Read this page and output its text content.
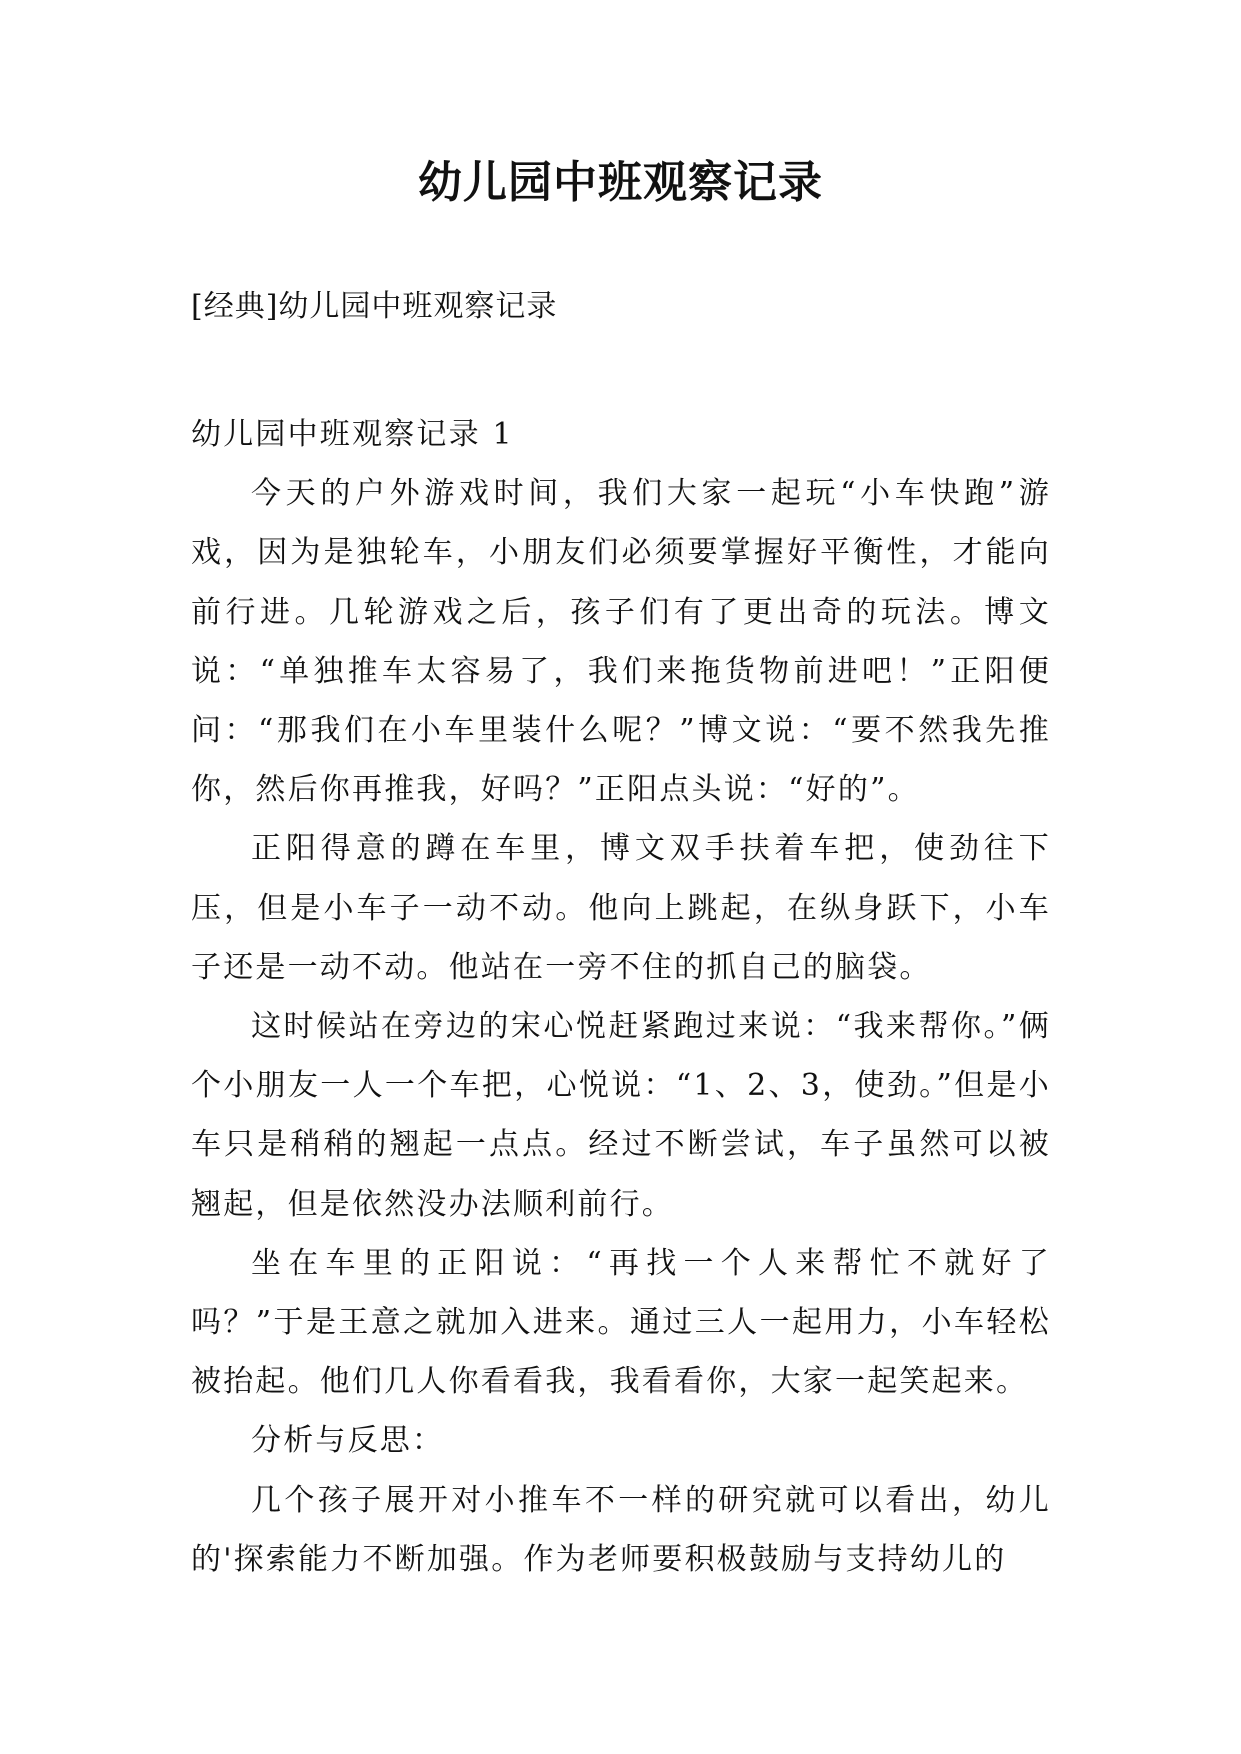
幼儿园中班观察记录

[经典]幼儿园中班观察记录

幼儿园中班观察记录 1

今天的户外游戏时间，我们大家一起玩“小车快跑”游戏，因为是独轮车，小朋友们必须要掌握好平衡性，才能向前行进。几轮游戏之后，孩子们有了更出奇的玩法。博文说：“单独推车太容易了，我们来拖货物前进吧！”正阳便问：“那我们在小车里装什么呢？”博文说：“要不然我先推你，然后你再推我，好吗？”正阳点头说：“好的”。

正阳得意的蹲在车里，博文双手扶着车把，使劲往下压，但是小车子一动不动。他向上跳起，在纵身跃下，小车子还是一动不动。他站在一旁不住的抓自己的脑袋。

这时候站在旁边的宋心悦赶紧跑过来说：“我来帮你。”俩个小朋友一人一个车把，心悦说：“1、2、3，使劲。”但是小车只是稍稍的翘起一点点。经过不断尝试，车子虽然可以被翘起，但是依然没办法顺利前行。

坐在车里的正阳说：“再找一个人来帮忙不就好了吗？”于是王意之就加入进来。通过三人一起用力，小车轻松被抬起。他们几人你看看我，我看看你，大家一起笑起来。

分析与反思：

几个孩子展开对小推车不一样的研究就可以看出，幼儿的'探索能力不断加强。作为老师要积极鼓励与支持幼儿的
